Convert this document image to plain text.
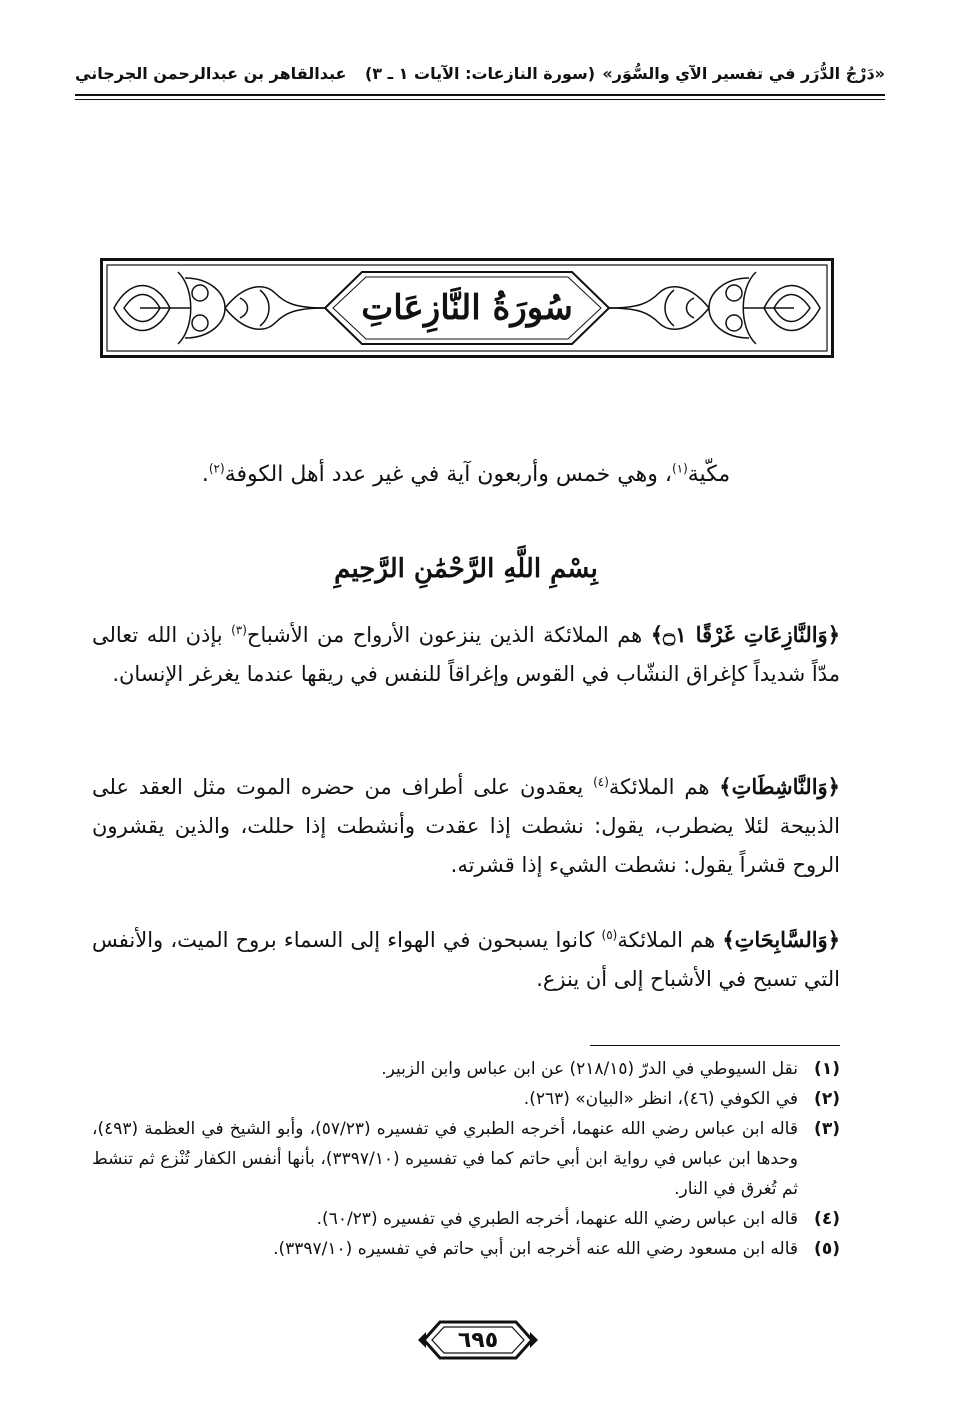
«دَرْجُ الدُّرَر في تفسير الآي والسُّوَر»
(سورة النازعات: الآيات ١ ـ ٣)
عبدالقاهر بن عبدالرحمن الجرجاني
سُورَةُ النَّازِعَاتِ
مكّية$^{(١)}$، وهي خمس وأربعون آية في غير عدد أهل الكوفة$^{(٢)}$.
بِسْمِ اللَّهِ الرَّحْمَٰنِ الرَّحِيمِ
﴿وَالنَّازِعَاتِ غَرْقًا ۝١﴾ هم الملائكة الذين ينزعون الأرواح من الأشباح$^{(٣)}$ بإذن الله تعالى مدّاً شديداً كإغراق النشّاب في القوس وإغراقاً للنفس في ريقها عندما يغرغر الإنسان.
﴿وَالنَّاشِطَاتِ﴾ هم الملائكة$^{(٤)}$ يعقدون على أطراف من حضره الموت مثل العقد على الذبيحة لئلا يضطرب، يقول: نشطت إذا عقدت وأنشطت إذا حللت، والذين يقشرون الروح قشراً يقول: نشطت الشيء إذا قشرته.
﴿وَالسَّابِحَاتِ﴾ هم الملائكة$^{(٥)}$ كانوا يسبحون في الهواء إلى السماء بروح الميت، والأنفس التي تسبح في الأشباح إلى أن ينزع.
(١)
نقل السيوطي في الدرّ (٢١٨/١٥) عن ابن عباس وابن الزبير.
(٢)
في الكوفي (٤٦)، انظر «البيان» (٢٦٣).
(٣)
قاله ابن عباس رضي الله عنهما، أخرجه الطبري في تفسيره (٥٧/٢٣)، وأبو الشيخ في العظمة (٤٩٣)، وحدها ابن عباس في رواية ابن أبي حاتم كما في تفسيره (٣٣٩٧/١٠)، بأنها أنفس الكفار تُنْزع ثم تنشط ثم تُغرق في النار.
(٤)
قاله ابن عباس رضي الله عنهما، أخرجه الطبري في تفسيره (٦٠/٢٣).
(٥)
قاله ابن مسعود رضي الله عنه أخرجه ابن أبي حاتم في تفسيره (٣٣٩٧/١٠).
٦٩٥
